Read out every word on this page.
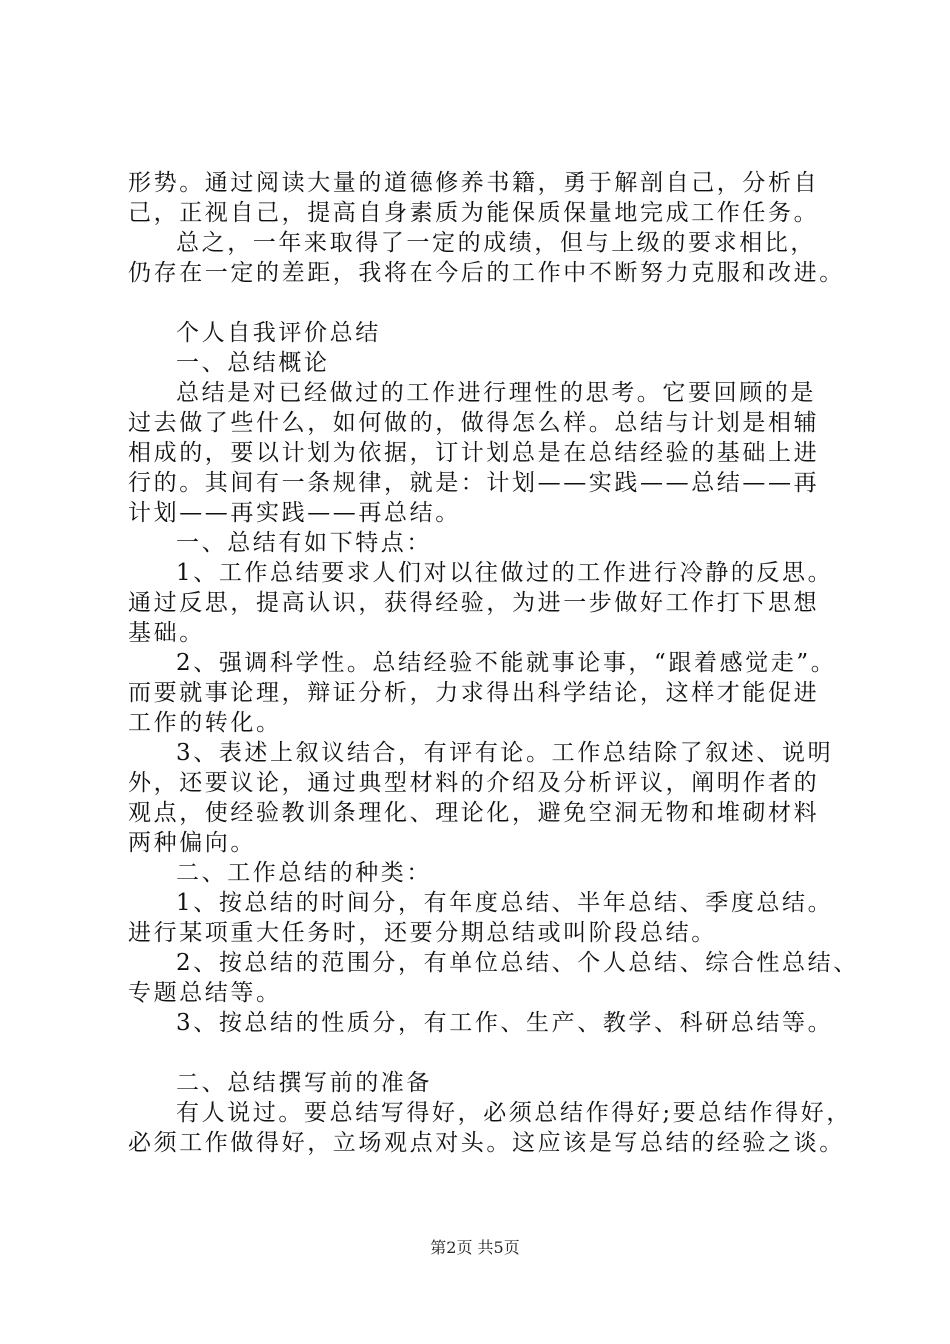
形势。通过阅读大量的道德修养书籍，勇于解剖自己，分析自
己，正视自己，提高自身素质为能保质保量地完成工作任务。
总之，一年来取得了一定的成绩，但与上级的要求相比，
仍存在一定的差距，我将在今后的工作中不断努力克服和改进。
个人自我评价总结
一、总结概论
总结是对已经做过的工作进行理性的思考。它要回顾的是
过去做了些什么，如何做的，做得怎么样。总结与计划是相辅
相成的，要以计划为依据，订计划总是在总结经验的基础上进
行的。其间有一条规律，就是：计划——实践——总结——再
计划——再实践——再总结。
一、总结有如下特点：
1、工作总结要求人们对以往做过的工作进行冷静的反思。
通过反思，提高认识，获得经验，为进一步做好工作打下思想
基础。
2、强调科学性。总结经验不能就事论事，“跟着感觉走”。
而要就事论理，辩证分析，力求得出科学结论，这样才能促进
工作的转化。
3、表述上叙议结合，有评有论。工作总结除了叙述、说明
外，还要议论，通过典型材料的介绍及分析评议，阐明作者的
观点，使经验教训条理化、理论化，避免空洞无物和堆砌材料
两种偏向。
二、工作总结的种类：
1、按总结的时间分，有年度总结、半年总结、季度总结。
进行某项重大任务时，还要分期总结或叫阶段总结。
2、按总结的范围分，有单位总结、个人总结、综合性总结、
专题总结等。
3、按总结的性质分，有工作、生产、教学、科研总结等。
二、总结撰写前的准备
有人说过。要总结写得好，必须总结作得好;要总结作得好，
必须工作做得好，立场观点对头。这应该是写总结的经验之谈。
第2页 共5页
